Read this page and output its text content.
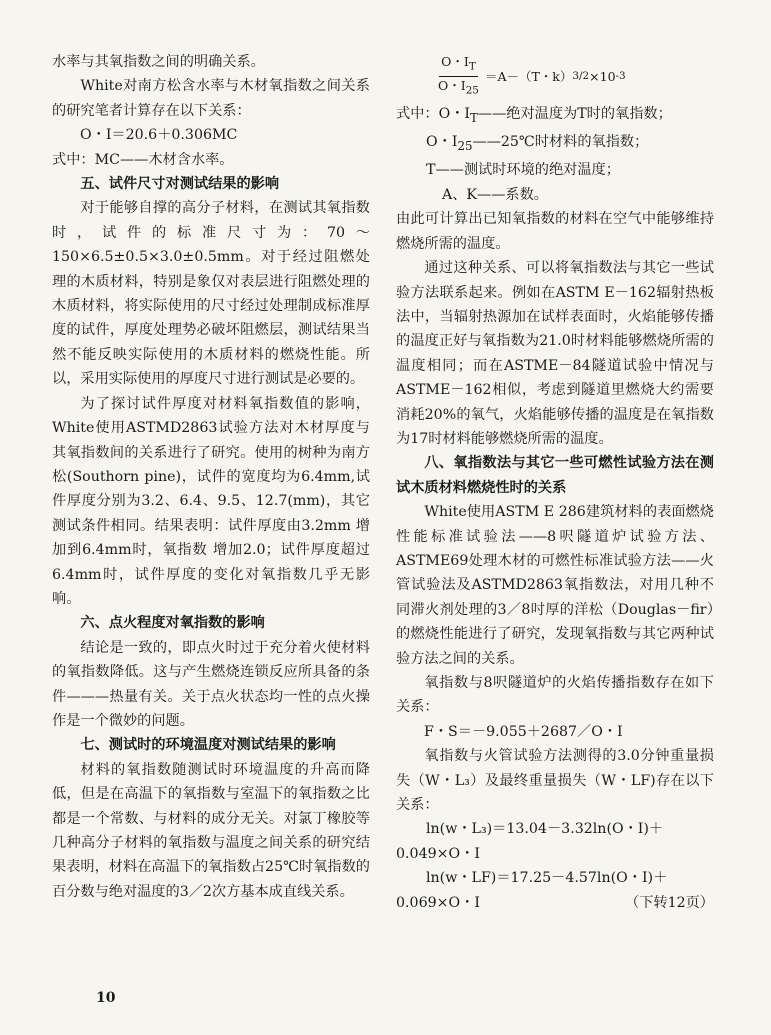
水率与其氧指数之间的明确关系。

White对南方松含水率与木材氧指数之间关系的研究笔者计算存在以下关系：

O・I＝20.6＋0.306MC

式中：MC——木材含水率。

五、试件尺寸对测试结果的影响

对于能够自撑的高分子材料，在测试其氧指数时，试件的标准尺寸为：70～150×6.5±0.5×3.0±0.5mm。对于经过阻燃处理的木质材料，特别是象仅对表层进行阻燃处理的木质材料，将实际使用的尺寸经过处理制成标准厚度的试件，厚度处理势必破坏阻燃层，测试结果当然不能反映实际使用的木质材料的燃烧性能。所以，采用实际使用的厚度尺寸进行测试是必要的。

为了探讨试件厚度对材料氧指数值的影响，White使用ASTMD2863试验方法对木材厚度与其氧指数间的关系进行了研究。使用的树种为南方松(Southorn pine)，试件的宽度均为6.4mm,试件厚度分别为3.2、6.4、9.5、12.7(mm)，其它测试条件相同。结果表明：试件厚度由3.2mm 增加到6.4mm时，氧指数 增加2.0；试件厚度超过6.4mm时，试件厚度的变化对氧指数几乎无影响。

六、点火程度对氧指数的影响

结论是一致的，即点火时过于充分着火使材料的氧指数降低。这与产生燃烧连锁反应所具备的条件———热量有关。关于点火状态均一性的点火操作是一个微妙的问题。

七、测试时的环境温度对测试结果的影响

材料的氧指数随测试时环境温度的升高而降低，但是在高温下的氧指数与室温下的氧指数之比都是一个常数、与材料的成分无关。对氯丁橡胶等几种高分子材料的氧指数与温度之间关系的研究结果表明，材料在高温下的氧指数占25℃时氧指数的百分数与绝对温度的3／2次方基本成直线关系。

$\frac{O・I_T}{O・I_{25}} =A-(T$・k） 3/2 ×10 -3

式中：O・$I_T——$绝对温度为T时的氧指数；

O・$I_{25}——25℃$时材料的氧指数；

T——测试时环境的绝对温度；

A、K——系数。

由此可计算出已知氧指数的材料在空气中能够维持燃烧所需的温度。

通过这种关系、可以将氧指数法与其它一些试验方法联系起来。例如在ASTM E－162辐射热板法中，当辐射热源加在试样表面时，火焰能够传播的温度正好与氧指数为21.0时材料能够燃烧所需的温度相同；而在ASTME－84隧道试验中情况与ASTME－162相似，考虑到隧道里燃烧大约需要消耗20%的氧气，火焰能够传播的温度是在氧指数为17时材料能够燃烧所需的温度。

八、氧指数法与其它一些可燃性试验方法在测试木质材料燃烧性时的关系

White使用ASTM E 286建筑材料的表面燃烧性能标准试验法——8呎隧道炉试验方法、ASTME69处理木材的可燃性标准试验方法——火管试验法及ASTMD2863氧指数法，对用几种不同滞火剂处理的3／8吋厚的洋松（Douglas－fir）的燃烧性能进行了研究，发现氧指数与其它两种试验方法之间的关系。

氧指数与8呎隧道炉的火焰传播指数存在如下关系：

F・S＝－9.055＋2687／O・I

氧指数与火管试验方法测得的3.0分钟重量损失（W・L₃）及最终重量损失（W・LF)存在以下关系：

ln(w・L₃)＝13.04－3.32ln(O・I)＋

0.049×O・I

ln(w・LF)＝17.25－4.57ln(O・I)＋

0.069×O・I	（下转12页）

10
